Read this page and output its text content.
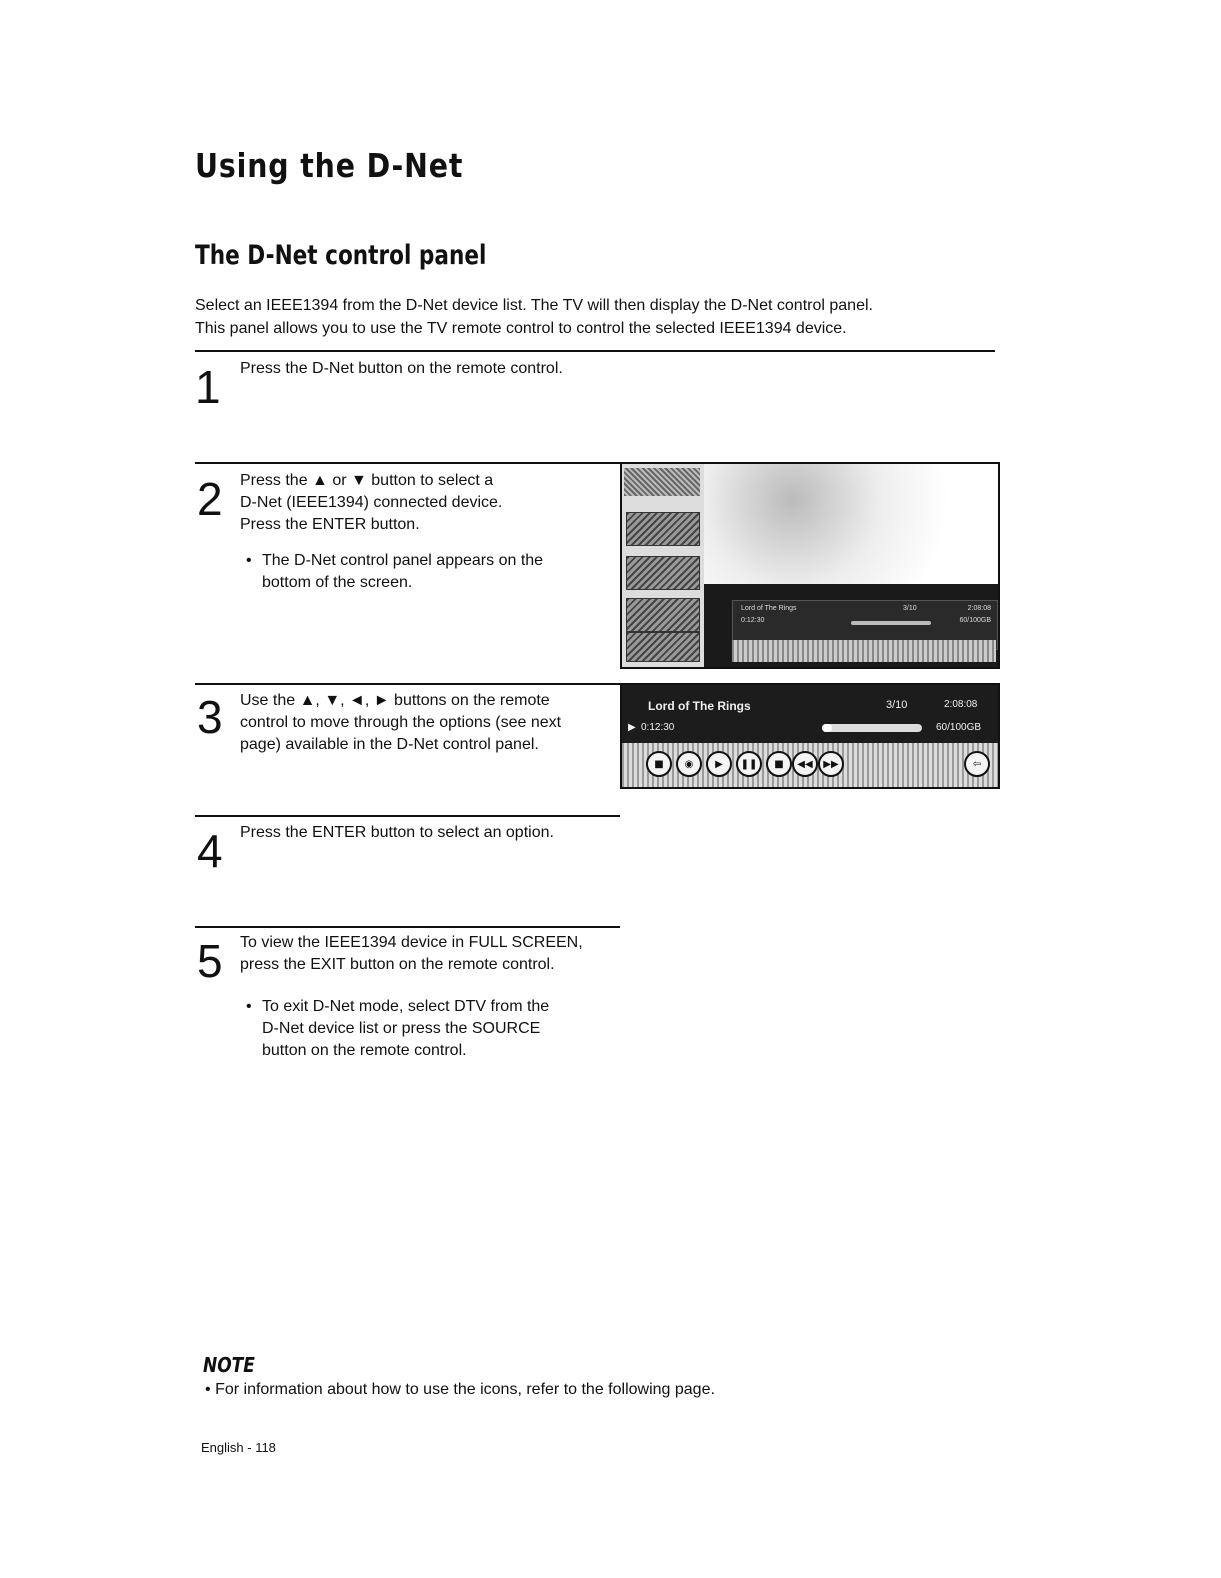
Using the D-Net
The D-Net control panel
Select an IEEE1394 from the D-Net device list. The TV will then display the D-Net control panel.
This panel allows you to use the TV remote control to control the selected IEEE1394 device.
1 Press the D-Net button on the remote control.
2 Press the ▲ or ▼ button to select a
D-Net (IEEE1394) connected device.
Press the ENTER button.
• The D-Net control panel appears on the
bottom of the screen.
Lord of The Rings	3/10	2:08:08
0:12:30	60/100GB
3 Use the ▲, ▼, ◄, ► buttons on the remote
control to move through the options (see next
page) available in the D-Net control panel.
Lord of The Rings	3/10	2:08:08
▶ 0:12:30	60/100GB
■	◉	▶	❚❚	■	◀◀	▶▶	⇦
4 Press the ENTER button to select an option.
5 To view the IEEE1394 device in FULL SCREEN,
press the EXIT button on the remote control.
• To exit D-Net mode, select DTV from the
D-Net device list or press the SOURCE
button on the remote control.
NOTE
• For information about how to use the icons, refer to the following page.
English - 118
